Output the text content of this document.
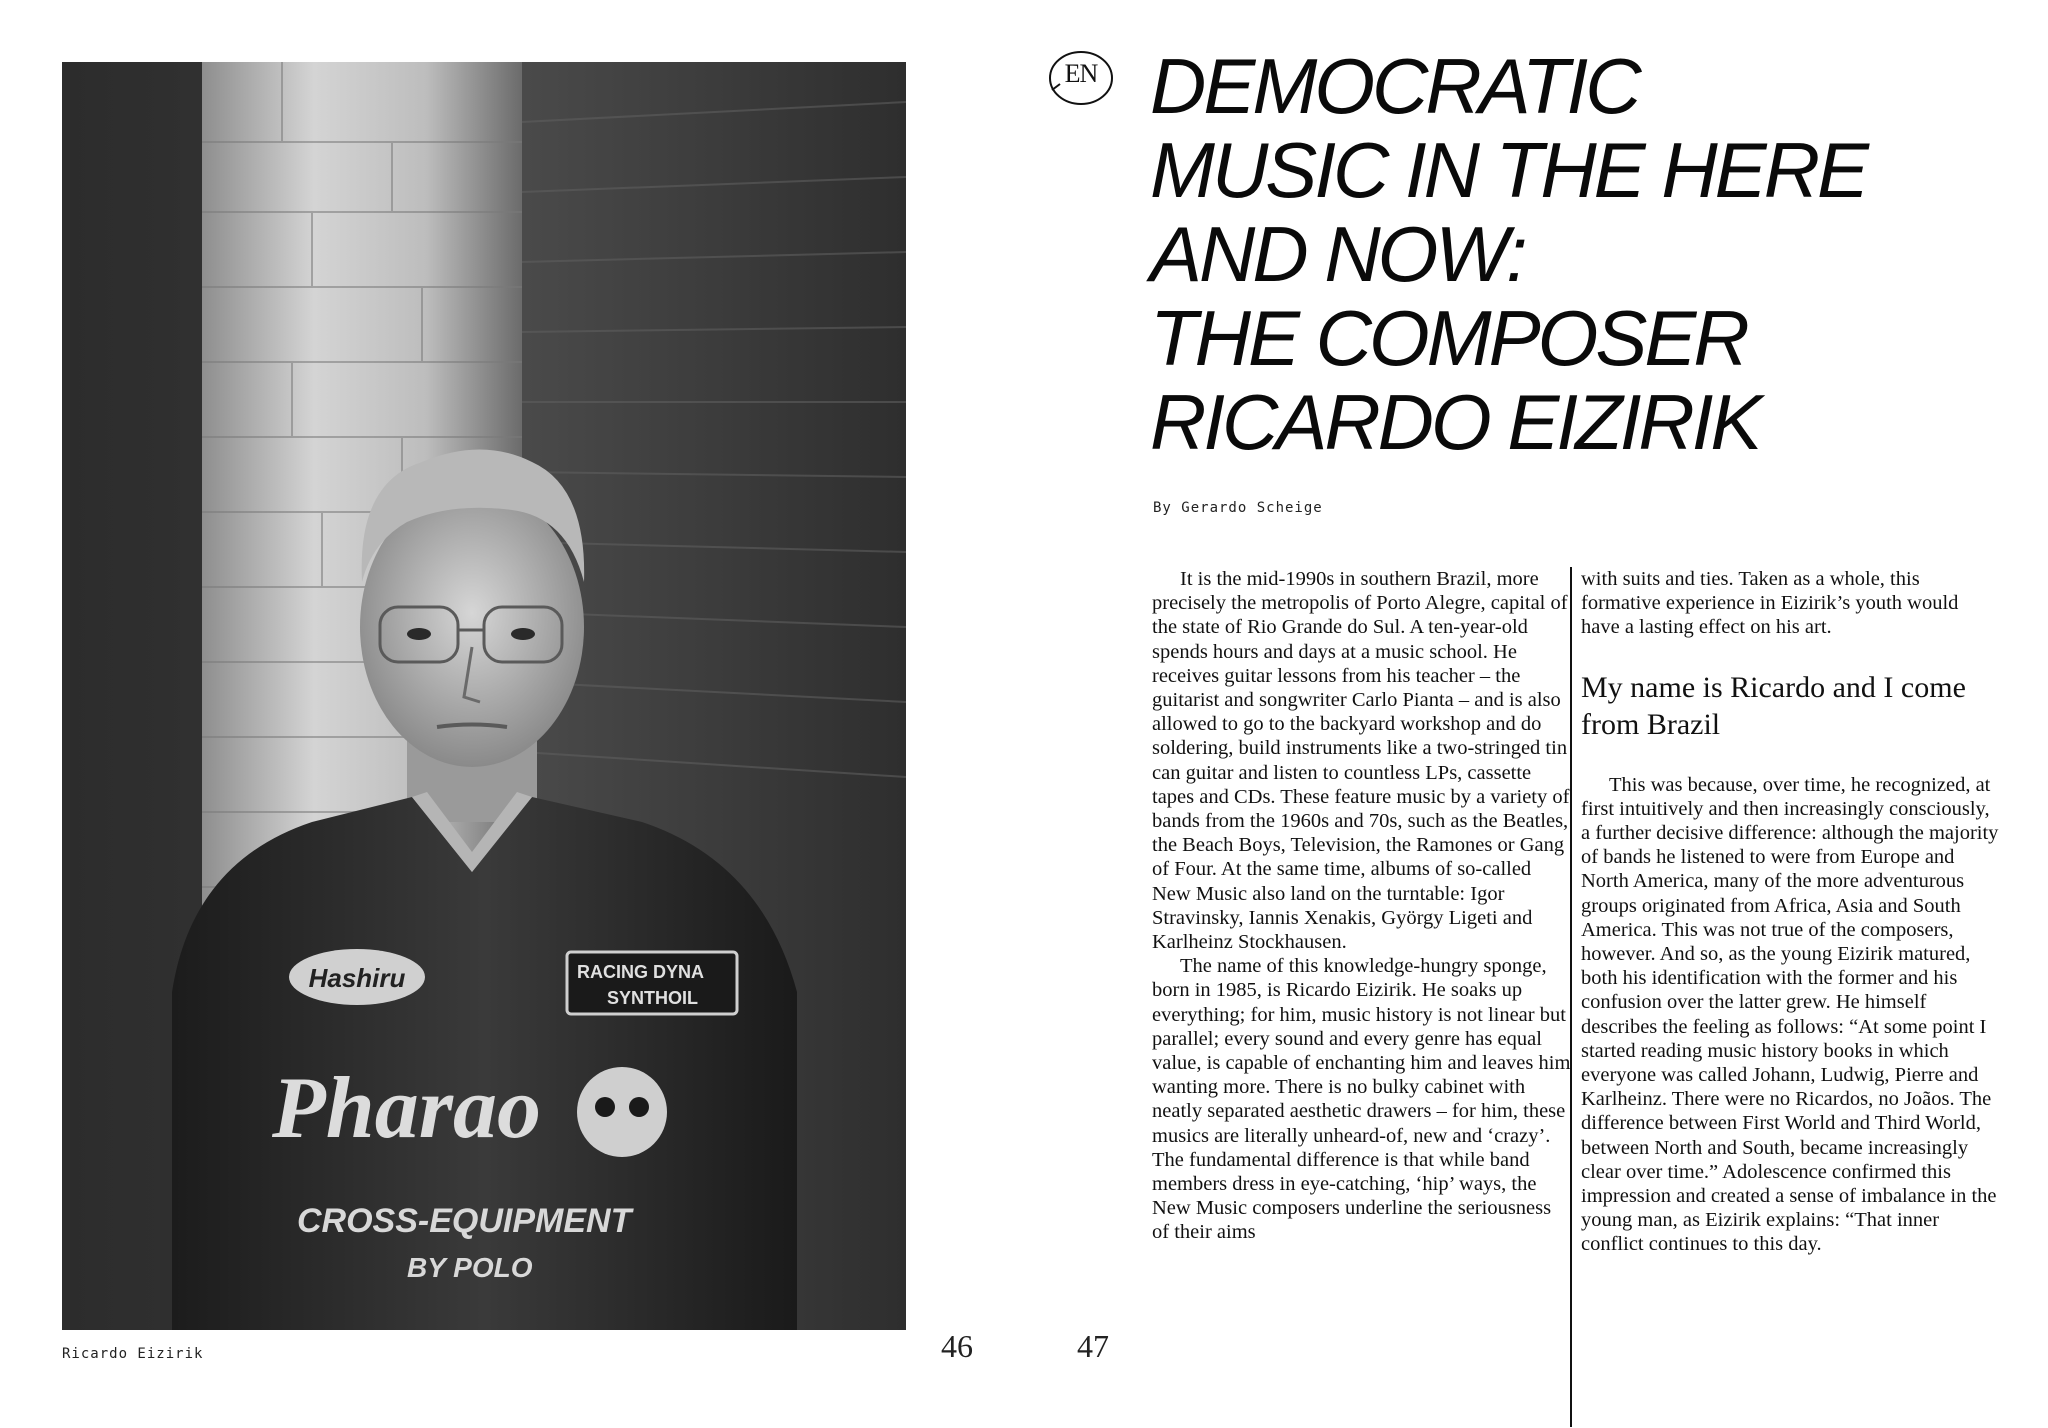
Hashiru	RACING DYNA
SYNTHOIL
Pharao
CROSS-EQUIPMENT
BY POLO
Ricardo Eizirik	46	47
EN DEMOCRATIC
MUSIC IN THE HERE
AND NOW:
THE COMPOSER
RICARDO EIZIRIK
By Gerardo Scheige

It is the mid-1990s in southern Brazil, more precisely the metropolis of Porto Alegre, capital of the state of Rio Grande do Sul. A ten-year-old spends hours and days at a music school. He receives guitar lessons from his teacher – the guitarist and songwriter Carlo Pianta – and is also allowed to go to the backyard workshop and do soldering, build instruments like a two-stringed tin can guitar and listen to countless LPs, cassette tapes and CDs. These feature music by a variety of bands from the 1960s and 70s, such as the Beatles, the Beach Boys, Television, the Ramones or Gang of Four. At the same time, albums of so-called New Music also land on the turntable: Igor Stravinsky, Iannis Xenakis, György Ligeti and Karlheinz Stockhausen.

The name of this knowledge-hungry sponge, born in 1985, is Ricardo Eizirik. He soaks up everything; for him, music history is not linear but parallel; every sound and every genre has equal value, is capable of enchanting him and leaves him wanting more. There is no bulky cabinet with neatly separated aesthetic drawers – for him, these musics are literally unheard-of, new and ‘crazy’. The fundamental difference is that while band members dress in eye-catching, ‘hip’ ways, the New Music composers underline the seriousness of their aims

with suits and ties. Taken as a whole, this formative experience in Eizirik’s youth would have a lasting effect on his art.

My name is Ricardo and I come from Brazil

This was because, over time, he recognized, at first intuitively and then increasingly consciously, a further decisive difference: although the majority of bands he listened to were from Europe and North America, many of the more adventurous groups originated from Africa, Asia and South America. This was not true of the composers, however. And so, as the young Eizirik matured, both his identification with the former and his confusion over the latter grew. He himself describes the feeling as follows: “At some point I started reading music history books in which everyone was called Johann, Ludwig, Pierre and Karlheinz. There were no Ricardos, no Joãos. The difference between First World and Third World, between North and South, became increasingly clear over time.” Adolescence confirmed this impression and created a sense of imbalance in the young man, as Eizirik explains: “That inner conflict continues to this day.
